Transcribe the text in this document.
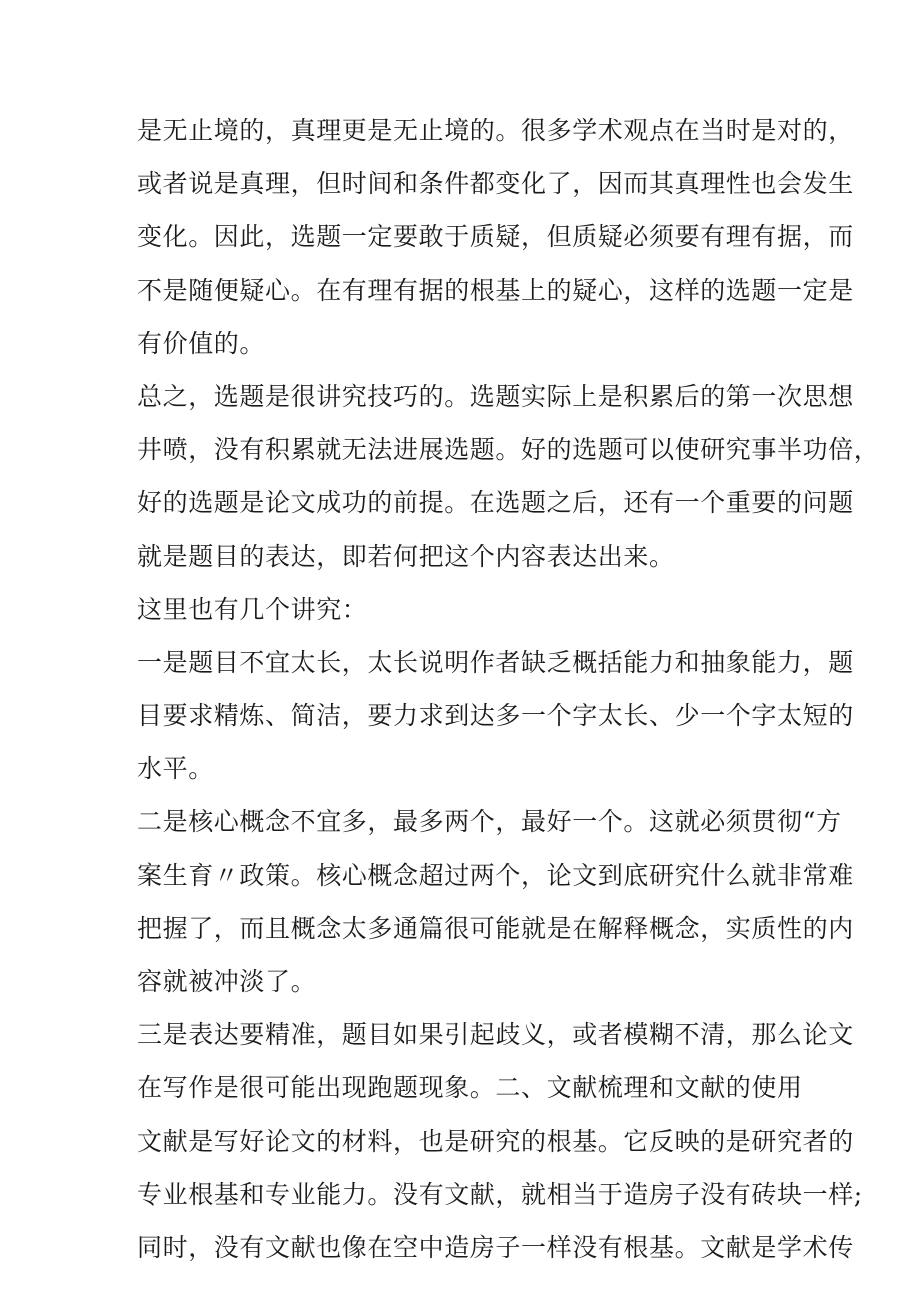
是无止境的，真理更是无止境的。很多学术观点在当时是对的，
或者说是真理，但时间和条件都变化了，因而其真理性也会发生
变化。因此，选题一定要敢于质疑，但质疑必须要有理有据，而
不是随便疑心。在有理有据的根基上的疑心，这样的选题一定是
有价值的。
总之，选题是很讲究技巧的。选题实际上是积累后的第一次思想
井喷，没有积累就无法进展选题。好的选题可以使研究事半功倍，
好的选题是论文成功的前提。在选题之后，还有一个重要的问题
就是题目的表达，即若何把这个内容表达出来。
这里也有几个讲究：
一是题目不宜太长，太长说明作者缺乏概括能力和抽象能力，题
目要求精炼、简洁，要力求到达多一个字太长、少一个字太短的
水平。
二是核心概念不宜多，最多两个，最好一个。这就必须贯彻“方
案生育〃政策。核心概念超过两个，论文到底研究什么就非常难
把握了，而且概念太多通篇很可能就是在解释概念，实质性的内
容就被冲淡了。
三是表达要精准，题目如果引起歧义，或者模糊不清，那么论文
在写作是很可能出现跑题现象。二、文献梳理和文献的使用
文献是写好论文的材料，也是研究的根基。它反映的是研究者的
专业根基和专业能力。没有文献，就相当于造房子没有砖块一样;
同时，没有文献也像在空中造房子一样没有根基。文献是学术传
